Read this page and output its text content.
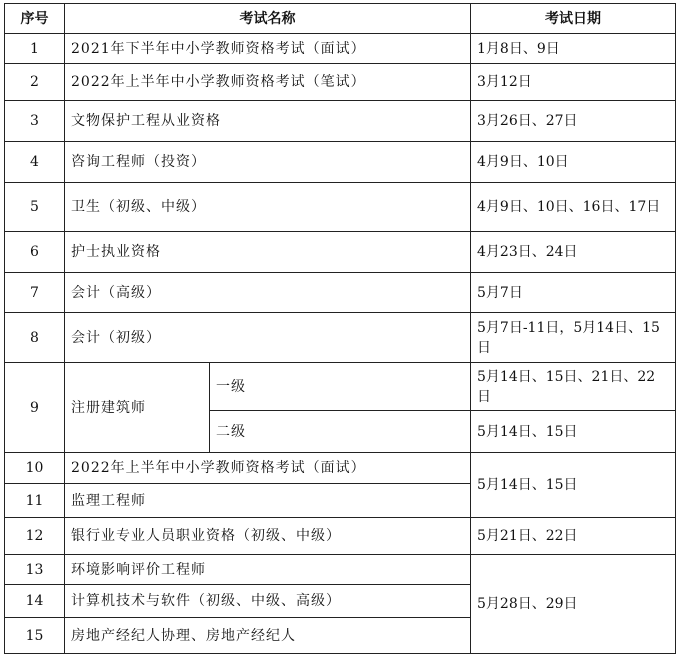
序号	考试名称		考试日期
1	2021年下半年中小学教师资格考试（面试）		1月8日、9日
2	2022年上半年中小学教师资格考试（笔试）		3月12日
3	文物保护工程从业资格		3月26日、27日
4	咨询工程师（投资）		4月9日、10日
5	卫生（初级、中级）		4月9日、10日、16日、17日
6	护士执业资格		4月23日、24日
7	会计（高级）		5月7日
8	会计（初级）		5月7日-11日，5月14日、15日
9	注册建筑师	一级	5月14日、15日、21日、22日
		二级	5月14日、15日
10	2022年上半年中小学教师资格考试（面试）		5月14日、15日
11	监理工程师		
12	银行业专业人员职业资格（初级、中级）		5月21日、22日
13	环境影响评价工程师		5月28日、29日
14	计算机技术与软件（初级、中级、高级）		
15	房地产经纪人协理、房地产经纪人		
